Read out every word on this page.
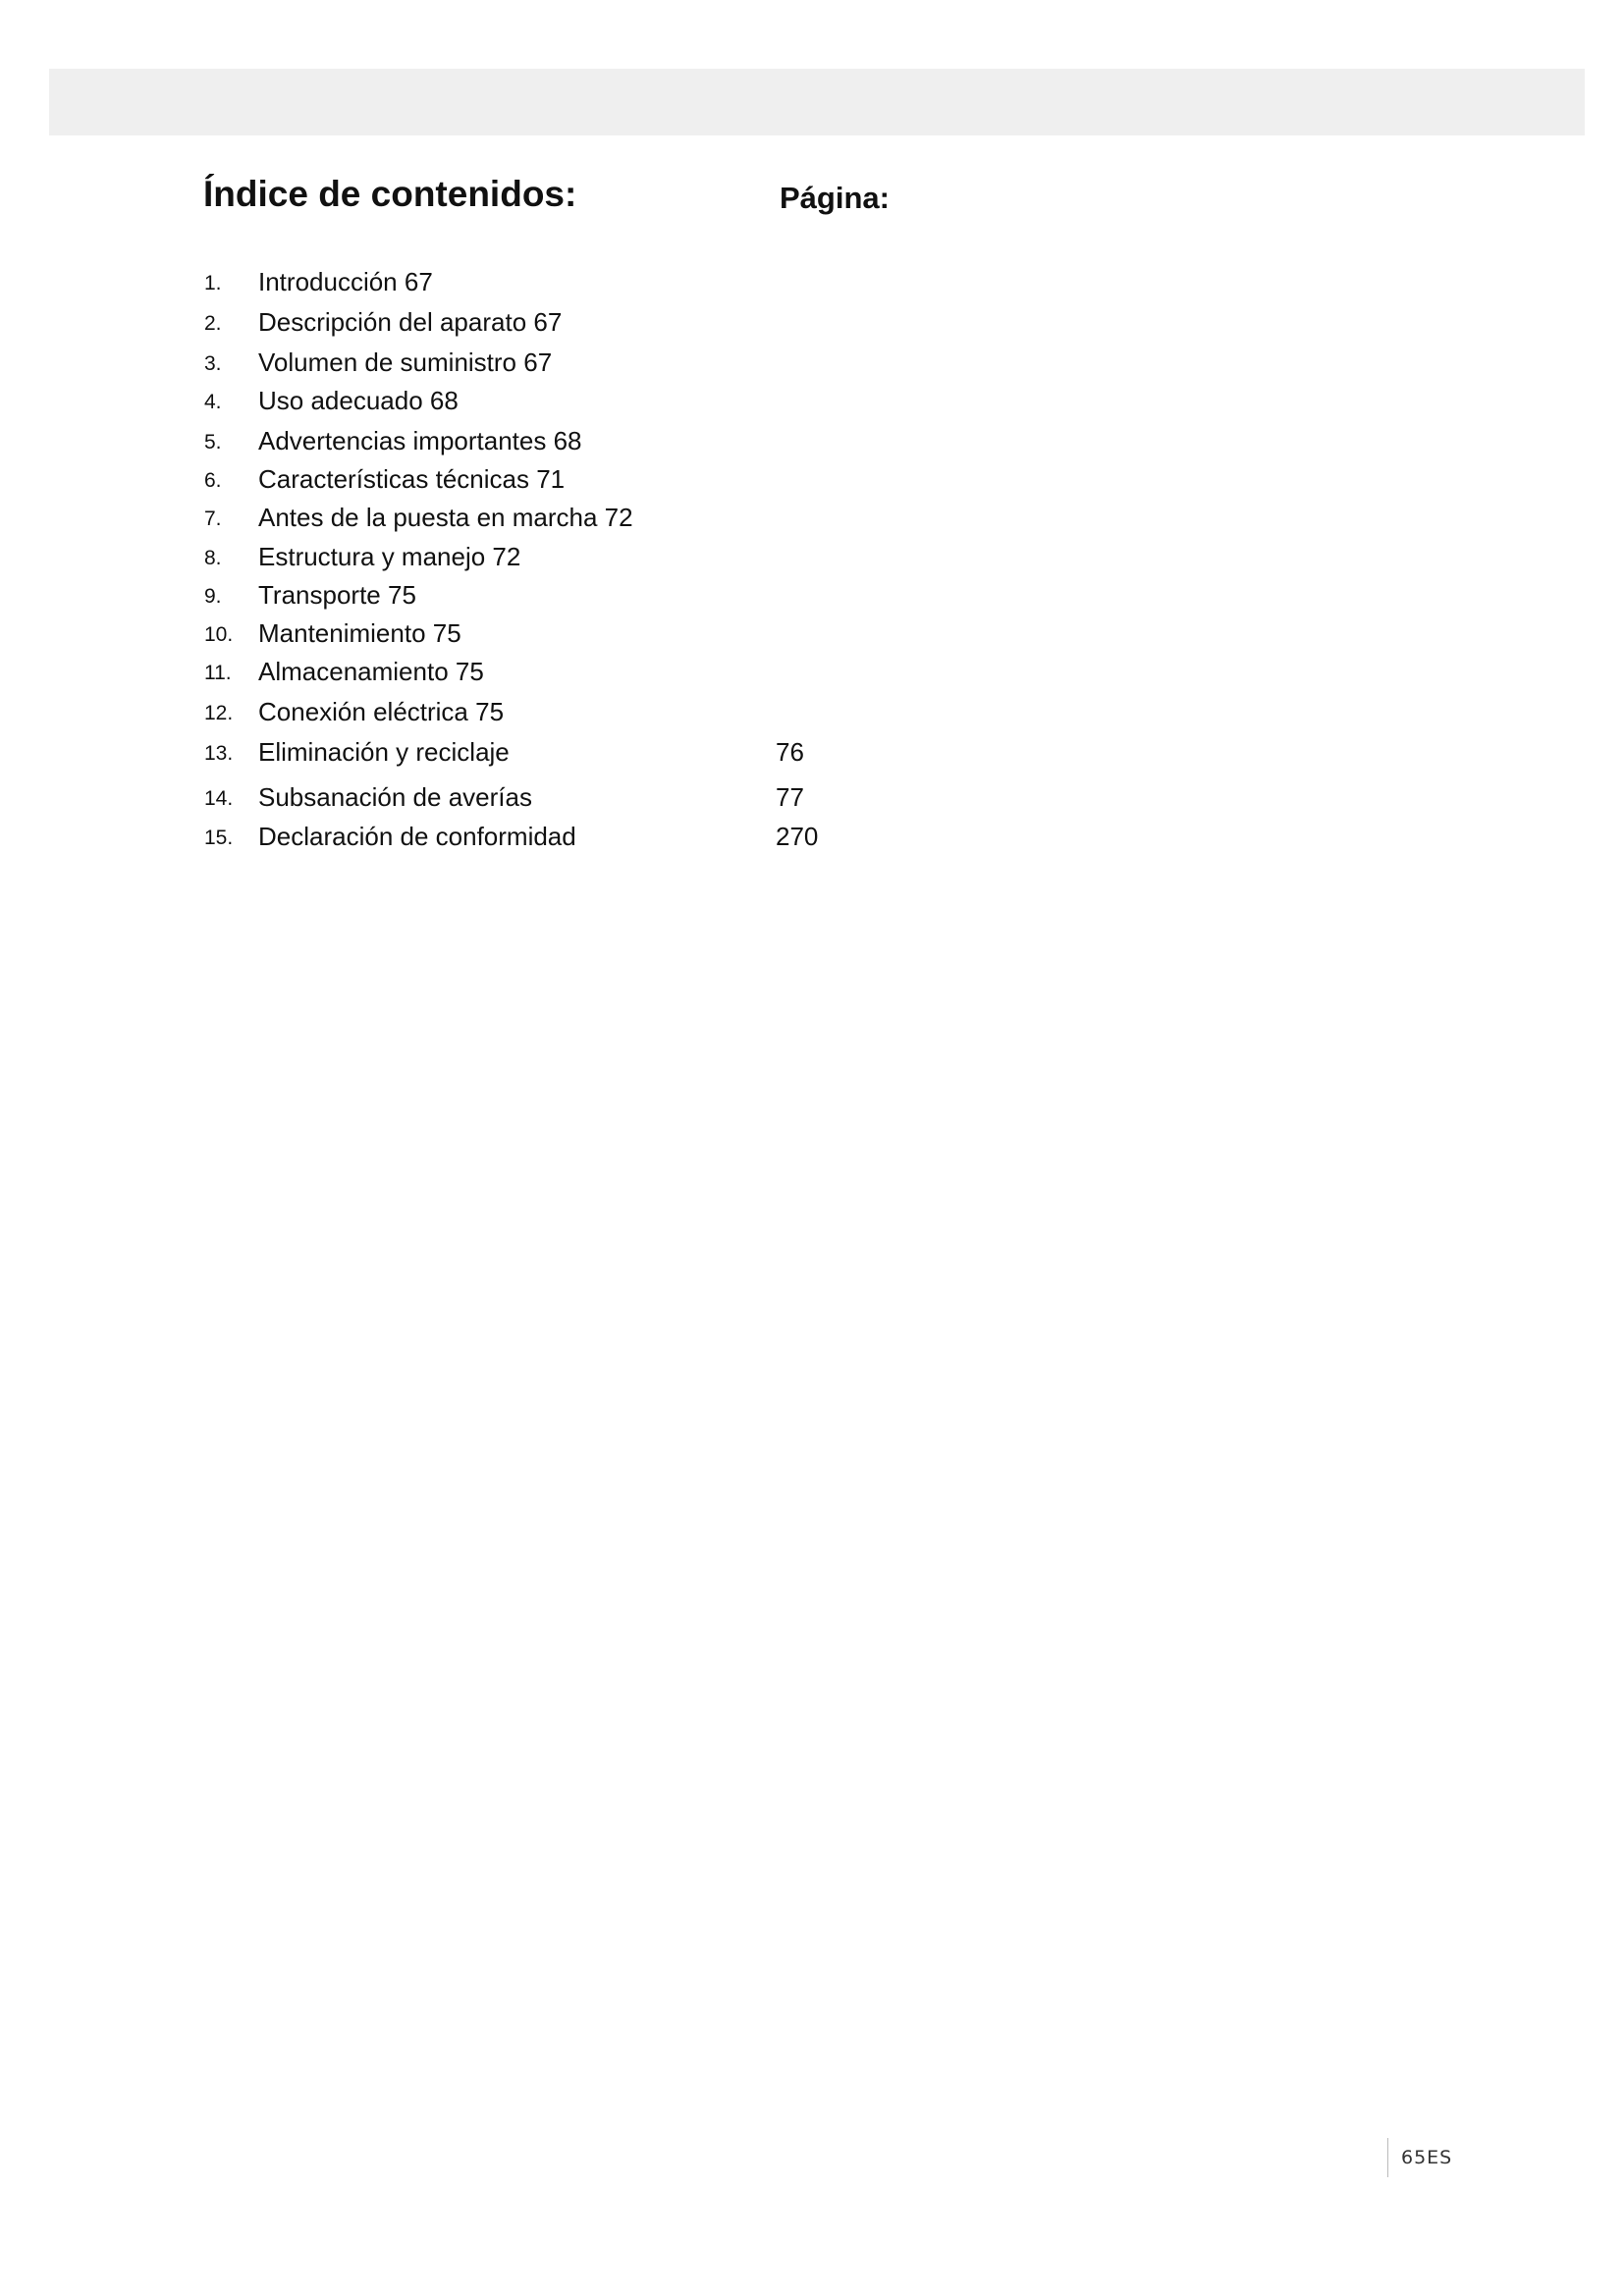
Índice de contenidos:	Página:
1. Introducción 67
2. Descripción del aparato 67
3. Volumen de suministro 67
4. Uso adecuado 68
5. Advertencias importantes 68
6. Características técnicas 71
7. Antes de la puesta en marcha 72
8. Estructura y manejo 72
9. Transporte 75
10. Mantenimiento 75
11. Almacenamiento 75
12. Conexión eléctrica 75
13. Eliminación y reciclaje	76
14. Subsanación de averías	77
15. Declaración de conformidad	270
65ES
